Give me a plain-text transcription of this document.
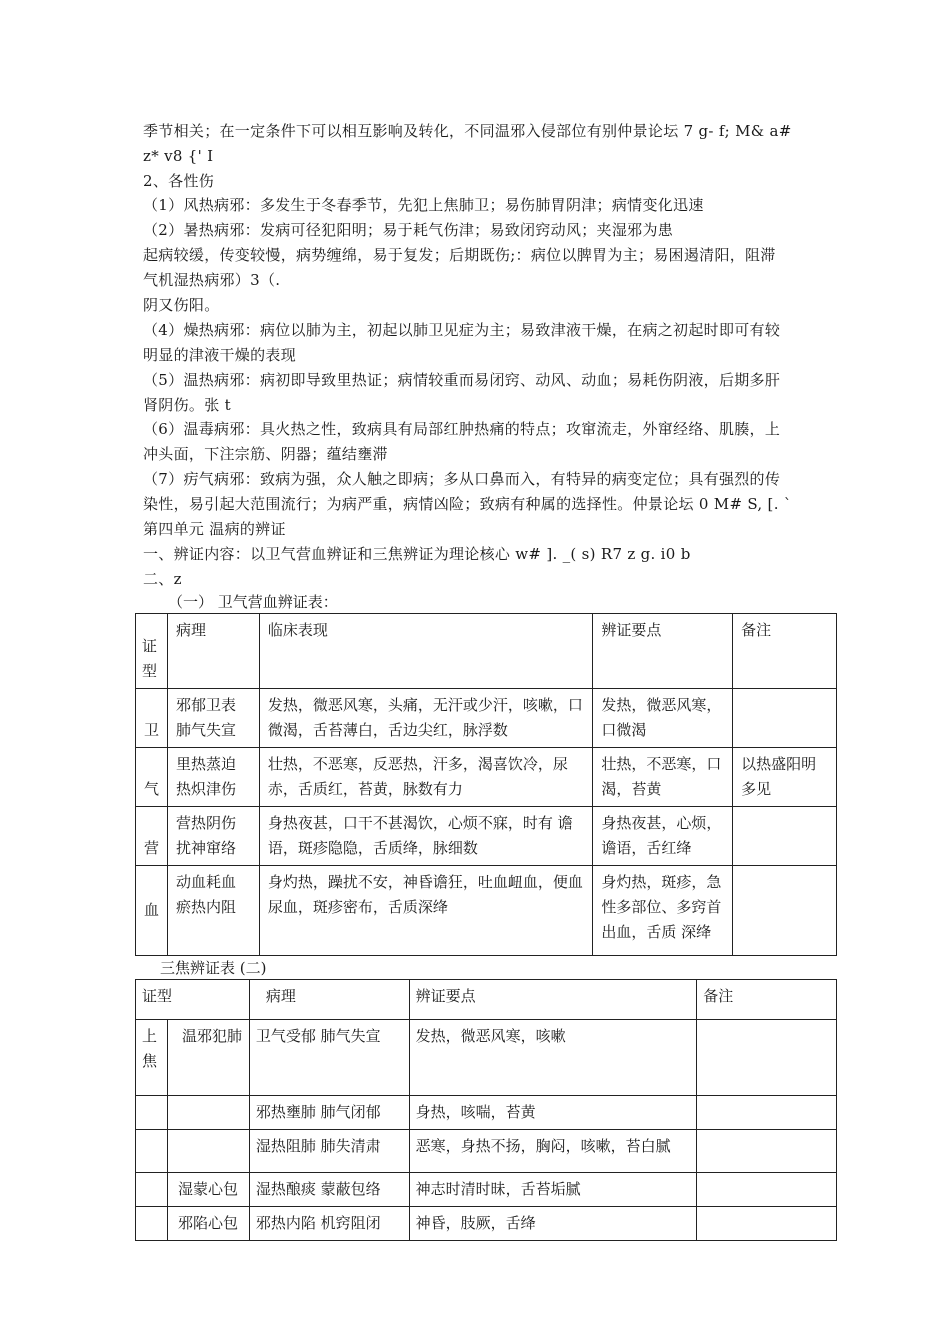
季节相关；在一定条件下可以相互影响及转化，不同温邪入侵部位有别仲景论坛 7 g- f; M& a#
z* v8 {' I
2、各性伤
（1）风热病邪：多发生于冬春季节，先犯上焦肺卫；易伤肺胃阴津；病情变化迅速
（2）暑热病邪：发病可径犯阳明；易于耗气伤津；易致闭窍动风；夹湿邪为患
起病较缓，传变较慢，病势缠绵，易于复发；后期既伤;：病位以脾胃为主；易困遏清阳，阻滞
气机湿热病邪）3（.
阴又伤阳。
（4）燥热病邪：病位以肺为主，初起以肺卫见症为主；易致津液干燥，在病之初起时即可有较
明显的津液干燥的表现
（5）温热病邪：病初即导致里热证；病情较重而易闭窍、动风、动血；易耗伤阴液，后期多肝
肾阴伤。张 t
（6）温毒病邪：具火热之性，致病具有局部红肿热痛的特点；攻窜流走，外窜经络、肌腠，上
冲头面，下注宗筋、阴器；蕴结壅滞
（7）疠气病邪：致病为强，众人触之即病；多从口鼻而入，有特异的病变定位；具有强烈的传
染性，易引起大范围流行；为病严重，病情凶险；致病有种属的选择性。仲景论坛 0 M# S, [. `
第四单元 温病的辨证
一、辨证内容：以卫气营血辨证和三焦辨证为理论核心 w# ]. _( s) R7 z g. i0 b
二、z
（一） 卫气营血辨证表：
证型	病理	临床表现	辨证要点	备注
卫	邪郁卫表肺气失宣	发热，微恶风寒，头痛，无汗或少汗，咳嗽，口微渴，舌苔薄白，舌边尖红，脉浮数	发热，微恶风寒，口微渴	
气	里热蒸迫热炽津伤	壮热，不恶寒，反恶热，汗多，渴喜饮冷，尿赤，舌质红，苔黄，脉数有力	壮热，不恶寒，口渴，苔黄	以热盛阳明多见
营	营热阴伤扰神窜络	身热夜甚，口干不甚渴饮，心烦不寐，时有 谵语，斑疹隐隐，舌质绛，脉细数	身热夜甚，心烦，谵语，舌红绛	
血	动血耗血瘀热内阻	身灼热，躁扰不安，神昏谵狂，吐血衄血，便血尿血，斑疹密布，舌质深绛	身灼热，斑疹，急性多部位、多窍首出血，舌质 深绛	
三焦辨证表 (二)
证型		病理	辨证要点	备注
上焦	温邪犯肺	卫气受郁 肺气失宣	发热，微恶风寒，咳嗽	
		邪热壅肺 肺气闭郁	身热，咳喘，苔黄	
		湿热阻肺 肺失清肃	恶寒，身热不扬，胸闷，咳嗽，苔白腻	
	湿蒙心包	湿热酿痰 蒙蔽包络	神志时清时昧，舌苔垢腻	
	邪陷心包	邪热内陷 机窍阻闭	神昏，肢厥，舌绛	
